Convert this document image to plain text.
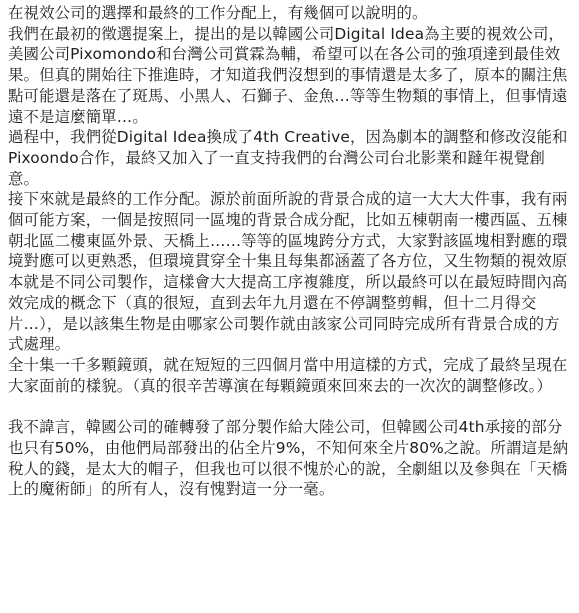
在視效公司的選擇和最終的工作分配上，有幾個可以說明的。

我們在最初的徵選提案上，提出的是以韓國公司Digital Idea為主要的視效公司，美國公司Pixomondo和台灣公司賞霖為輔，希望可以在各公司的強項達到最佳效果。但真的開始往下推進時，才知道我們沒想到的事情還是太多了，原本的關注焦點可能還是落在了斑馬、小黑人、石獅子、金魚…等等生物類的事情上，但事情遠遠不是這麼簡單…。

過程中，我們從Digital Idea換成了4th Creative，因為劇本的調整和修改沒能和Pixoondo合作，最終又加入了一直支持我們的台灣公司台北影業和躂年視覺創意。

接下來就是最終的工作分配。源於前面所說的背景合成的這一大大大件事，我有兩個可能方案，一個是按照同一區塊的背景合成分配，比如五棟朝南一樓西區、五棟朝北區二樓東區外景、天橋上……等等的區塊跨分方式，大家對該區塊相對應的環境對應可以更熟悉，但環境貫穿全十集且每集都涵蓋了各方位，又生物類的視效原本就是不同公司製作，這樣會大大提高工序複雜度，所以最終可以在最短時間內高效完成的概念下（真的很短，直到去年九月還在不停調整剪輯，但十二月得交片…），是以該集生物是由哪家公司製作就由該家公司同時完成所有背景合成的方式處理。

全十集一千多顆鏡頭，就在短短的三四個月當中用這樣的方式，完成了最終呈現在大家面前的樣貌。（真的很辛苦導演在每顆鏡頭來回來去的一次次的調整修改。）

我不諱言，韓國公司的確轉發了部分製作給大陸公司，但韓國公司4th承接的部分也只有50%，由他們局部發出的佔全片9%，不知何來全片80%之說。所謂這是納稅人的錢，是太大的帽子，但我也可以很不愧於心的說，全劇組以及參與在「天橋上的魔術師」的所有人，沒有愧對這一分一毫。
